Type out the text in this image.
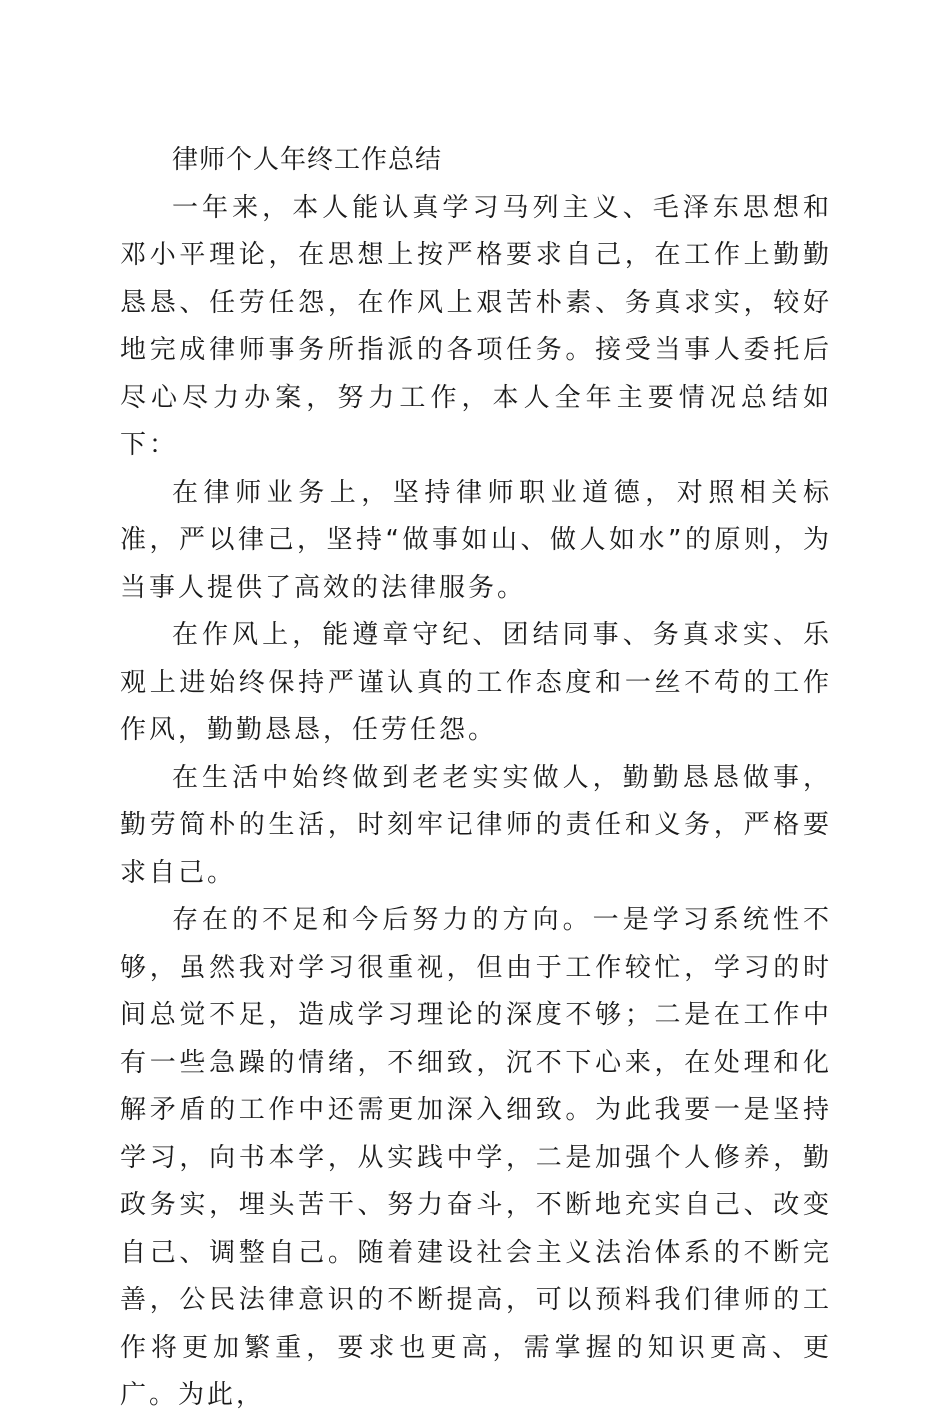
律师个人年终工作总结

一年来，本人能认真学习马列主义、毛泽东思想和邓小平理论，在思想上按严格要求自己，在工作上勤勤恳恳、任劳任怨，在作风上艰苦朴素、务真求实，较好地完成律师事务所指派的各项任务。接受当事人委托后尽心尽力办案，努力工作，本人全年主要情况总结如下：

在律师业务上，坚持律师职业道德，对照相关标准，严以律己，坚持“做事如山、做人如水”的原则，为当事人提供了高效的法律服务。

在作风上，能遵章守纪、团结同事、务真求实、乐观上进始终保持严谨认真的工作态度和一丝不苟的工作作风，勤勤恳恳，任劳任怨。

在生活中始终做到老老实实做人，勤勤恳恳做事，勤劳简朴的生活，时刻牢记律师的责任和义务，严格要求自己。

存在的不足和今后努力的方向。一是学习系统性不够，虽然我对学习很重视，但由于工作较忙，学习的时间总觉不足，造成学习理论的深度不够；二是在工作中有一些急躁的情绪，不细致，沉不下心来，在处理和化解矛盾的工作中还需更加深入细致。为此我要一是坚持学习，向书本学，从实践中学，二是加强个人修养，勤政务实，埋头苦干、努力奋斗，不断地充实自己、改变自己、调整自己。随着建设社会主义法治体系的不断完善，公民法律意识的不断提高，可以预料我们律师的工作将更加繁重，要求也更高，需掌握的知识更高、更广。为此，
